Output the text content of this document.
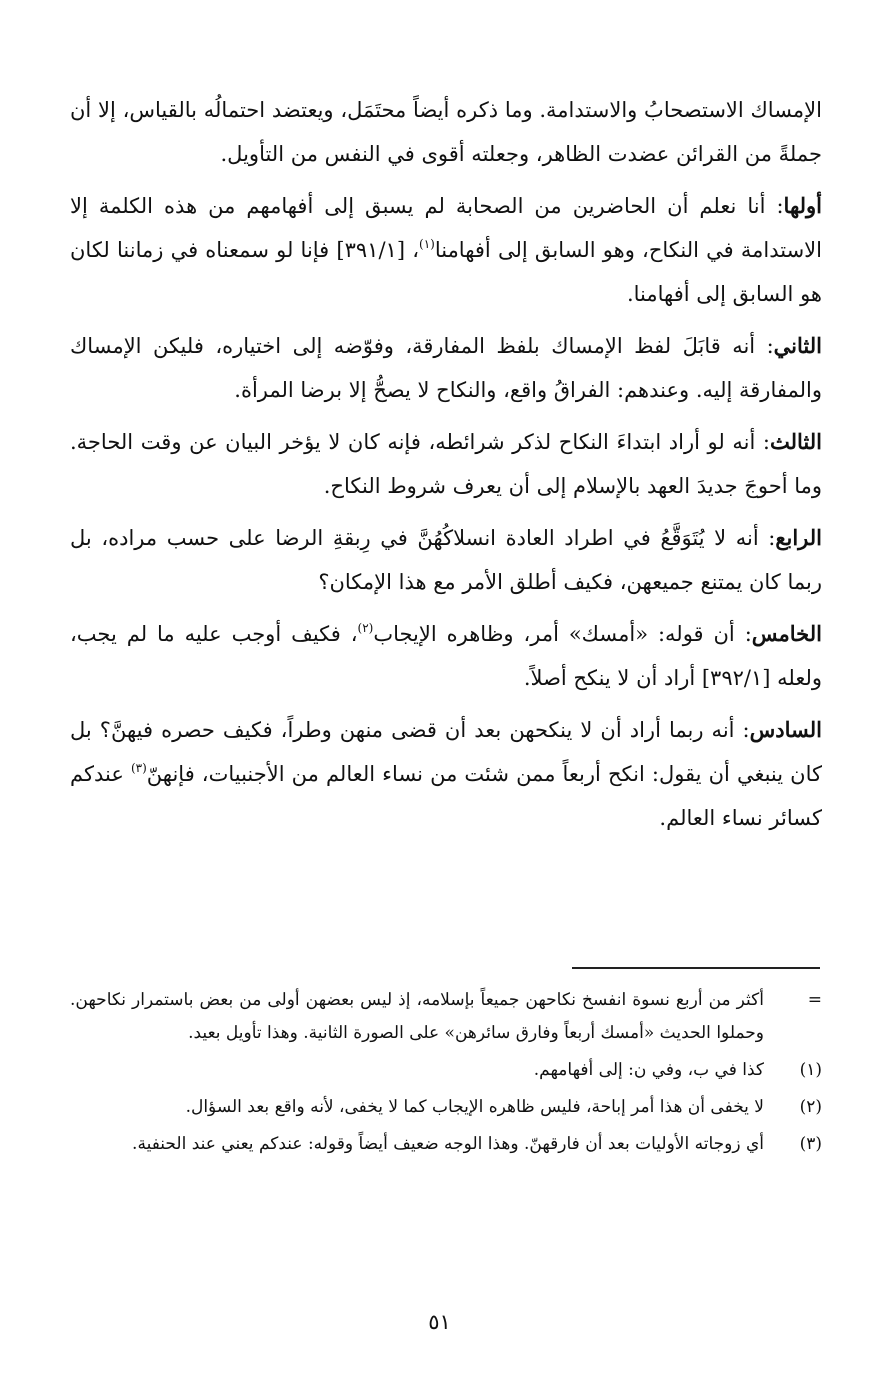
الإمساك الاستصحابُ والاستدامة. وما ذكره أيضاً محتَمَل، ويعتضد احتمالُه بالقياس، إلا أن جملةً من القرائن عضدت الظاهر، وجعلته أقوى في النفس من التأويل.

أولها: أنا نعلم أن الحاضرين من الصحابة لم يسبق إلى أفهامهم من هذه الكلمة إلا الاستدامة في النكاح، وهو السابق إلى أفهامنا$^{(١)}$، [٣٩١/١] فإنا لو سمعناه في زماننا لكان هو السابق إلى أفهامنا.

الثاني: أنه قابَلَ لفظ الإمساك بلفظ المفارقة، وفوّضه إلى اختياره، فليكن الإمساك والمفارقة إليه. وعندهم: الفراقُ واقع، والنكاح لا يصحُّ إلا برضا المرأة.

الثالث: أنه لو أراد ابتداءَ النكاح لذكر شرائطه، فإنه كان لا يؤخر البيان عن وقت الحاجة. وما أحوجَ جديدَ العهد بالإسلام إلى أن يعرف شروط النكاح.

الرابع: أنه لا يُتَوَقَّعُ في اطراد العادة انسلاكُهُنَّ في رِبقةِ الرضا على حسب مراده، بل ربما كان يمتنع جميعهن، فكيف أطلق الأمر مع هذا الإمكان؟

الخامس: أن قوله: «أمسك» أمر، وظاهره الإيجاب$^{(٢)}$، فكيف أوجب عليه ما لم يجب، ولعله [٣٩٢/١] أراد أن لا ينكح أصلاً.

السادس: أنه ربما أراد أن لا ينكحهن بعد أن قضى منهن وطراً، فكيف حصره فيهنَّ؟ بل كان ينبغي أن يقول: انكح أربعاً ممن شئت من نساء العالم من الأجنبيات، فإنهنّ$^{(٣)}$ عندكم كسائر نساء العالم.

=
أكثر من أربع نسوة انفسخ نكاحهن جميعاً بإسلامه، إذ ليس بعضهن أولى من بعض باستمرار نكاحهن. وحملوا الحديث «أمسك أربعاً وفارق سائرهن» على الصورة الثانية. وهذا تأويل بعيد.
(١)
كذا في ب، وفي ن: إلى أفهامهم.
(٢)
لا يخفى أن هذا أمر إباحة، فليس ظاهره الإيجاب كما لا يخفى، لأنه واقع بعد السؤال.
(٣)
أي زوجاته الأوليات بعد أن فارقهنّ. وهذا الوجه ضعيف أيضاً وقوله: عندكم يعني عند الحنفية.
٥١
